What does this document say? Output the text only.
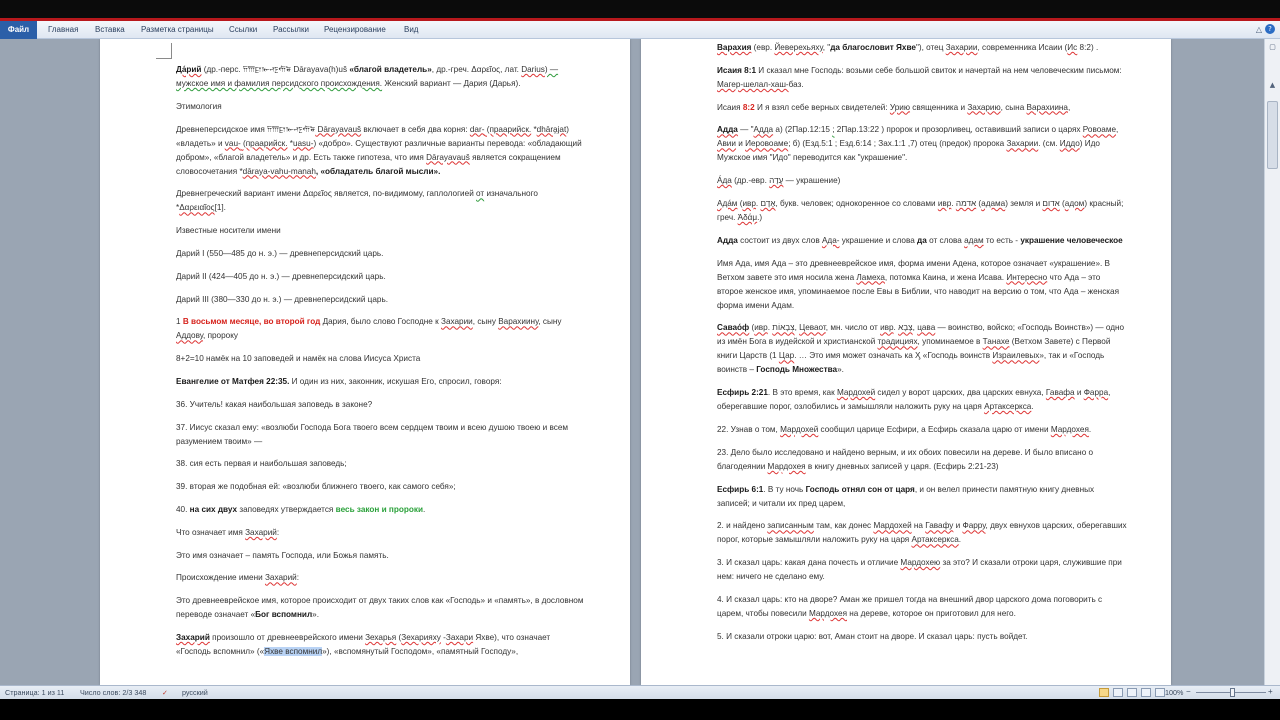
Файл	Главная Вставка Разметка страницы Ссылки Рассылки Рецензирование Вид	△ ?

Да́рий (др.-перс. 𐎭𐎠𐎼𐎹𐎺𐎢𐏁 Dārayava(h)uš «благой владетель», др.-греч. Δαρεῖος, лат. Darius) — мужское имя и фамилия персидского происхождения. Женский вариант — Дария (Дарья).

Этимология

Древнеперсидское имя 𐎭𐎠𐎼𐎹𐎺𐎢𐏁 Dārayavauš включает в себя два корня: dar- (праарийск. *dhāra̯jat) «владеть» и vau- (праарийск. *uasu-) «добро». Существуют различные варианты перевода: «обладающий добром», «благой владетель» и др. Есть также гипотеза, что имя Dārayavauš является сокращением словосочетания *dāraya-vahu-manah, «обладатель благой мысли».

Древнегреческий вариант имени Δαρεῖος является, по-видимому, гаплологией от изначального *Δαρειαῖος[1].

Известные носители имени

Дарий I (550—485 до н. э.) — древнеперсидский царь.

Дарий II (424—405 до н. э.) — древнеперсидский царь.

Дарий III (380—330 до н. э.) — древнеперсидский царь.

1 В восьмом месяце, во второй год Дария, было слово Господне к Захарии, сыну Варахиину, сыну Аддову, пророку

8+2=10 намёк на 10 заповедей и намёк на слова Иисуса Христа

Евангелие от Матфея 22:35. И один из них, законник, искушая Его, спросил, говоря:

36. Учитель! какая наибольшая заповедь в законе?

37. Иисус сказал ему: «возлюби Господа Бога твоего всем сердцем твоим и всею душою твоею и всем разумением твоим» —

38. сия есть первая и наибольшая заповедь;

39. вторая же подобная ей: «возлюби ближнего твоего, как самого себя»;

40. на сих двух заповедях утверждается весь закон и пророки.

Что означает имя Захарий:

Это имя означает – память Господа, или Божья память.

Происхождение имени Захарий:

Это древнееврейское имя, которое происходит от двух таких слов как «Господь» и «память», в дословном переводе означает «Бог вспомнил».

Захарий произошло от древнееврейского имени Зехарья (Зехарияху -Захари Яхве), что означает «Господь вспомнил» («Яхве вспомнил»), «вспомянутый Господом», «памятный Господу»,

Варахия (евр. Йеверехьяху, "да благословит Яхве"), отец Захарии, современника Исаии (Ис 8:2) .

Исаия 8:1 И сказал мне Господь: возьми себе большой свиток и начертай на нем человеческим письмом: Магер-шелал-хаш-баз.

Исаия 8:2 И я взял себе верных свидетелей: Урию священника и Захарию, сына Варахиина,

Адда — "Адда а) (2Пар.12:15 ; 2Пар.13:22 ) пророк и прозорливец, оставивший записи о царях Ровоаме, Авии и Иеровоаме; б) (Езд.5:1 ; Езд.6:14 ; Зах.1:1 ,7) отец (предок) пророка Захарии. (см. Иддо) Идо Мужское имя "Идо" переводится как "украшение".

А́да (др.-евр. עָדָה — украшение)

Ада́м (ивр. אָדָם, букв. человек; однокоренное со словами ивр. אדמה (адама) земля и אדום (адом) красный; греч. Ἀδάμ.)

Адда состоит из двух слов Ада- украшение и слова да от слова адам то есть - украшение человеческое

Имя Ада, имя Ада – это древнееврейское имя, форма имени Адена, которое означает «украшение». В Ветхом завете это имя носила жена Ламеха, потомка Каина, и жена Исава. Интересно что Ада – это второе женское имя, упоминаемое после Евы в Библии, что наводит на версию о том, что Ада – женская форма имени Адам.

Савао́ф (ивр. צְבָאוֹת, Цеваот, мн. число от ивр. צָבָא, цава — воинство, войско; «Господь Воинств») — одно из имён Бога в иудейской и христианской традициях, упоминаемое в Танахе (Ветхом Завете) с Первой книги Царств (1 Цар. … Это имя может означать ка Ӽ «Господь воинств Израилевых», так и «Господь воинств – Господь Множества».

Есфирь 2:21. В это время, как Мардохей сидел у ворот царских, два царских евнуха, Гавафа и Фарра, оберегавшие порог, озлобились и замышляли наложить руку на царя Артаксеркса.

22. Узнав о том, Мардохей сообщил царице Есфири, а Есфирь сказала царю от имени Мардохея.

23. Дело было исследовано и найдено верным, и их обоих повесили на дереве. И было вписано о благодеянии Мардохея в книгу дневных записей у царя. (Есфирь 2:21-23)

Есфирь 6:1. В ту ночь Господь отнял сон от царя, и он велел принести памятную книгу дневных записей; и читали их пред царем,

2. и найдено записанным там, как донес Мардохей на Гавафу и Фарру, двух евнухов царских, оберегавших порог, которые замышляли наложить руку на царя Артаксеркса.

3. И сказал царь: какая дана почесть и отличие Мардохею за это? И сказали отроки царя, служившие при нем: ничего не сделано ему.

4. И сказал царь: кто на дворе? Аман же пришел тогда на внешний двор царского дома поговорить с царем, чтобы повесили Мардохея на дереве, которое он приготовил для него.

5. И сказали отроки царю: вот, Аман стоит на дворе. И сказал царь: пусть войдет.

▢
▲
Страница: 1 из 11 Число слов: 2/3 348 ✓ русский	100% −	+
